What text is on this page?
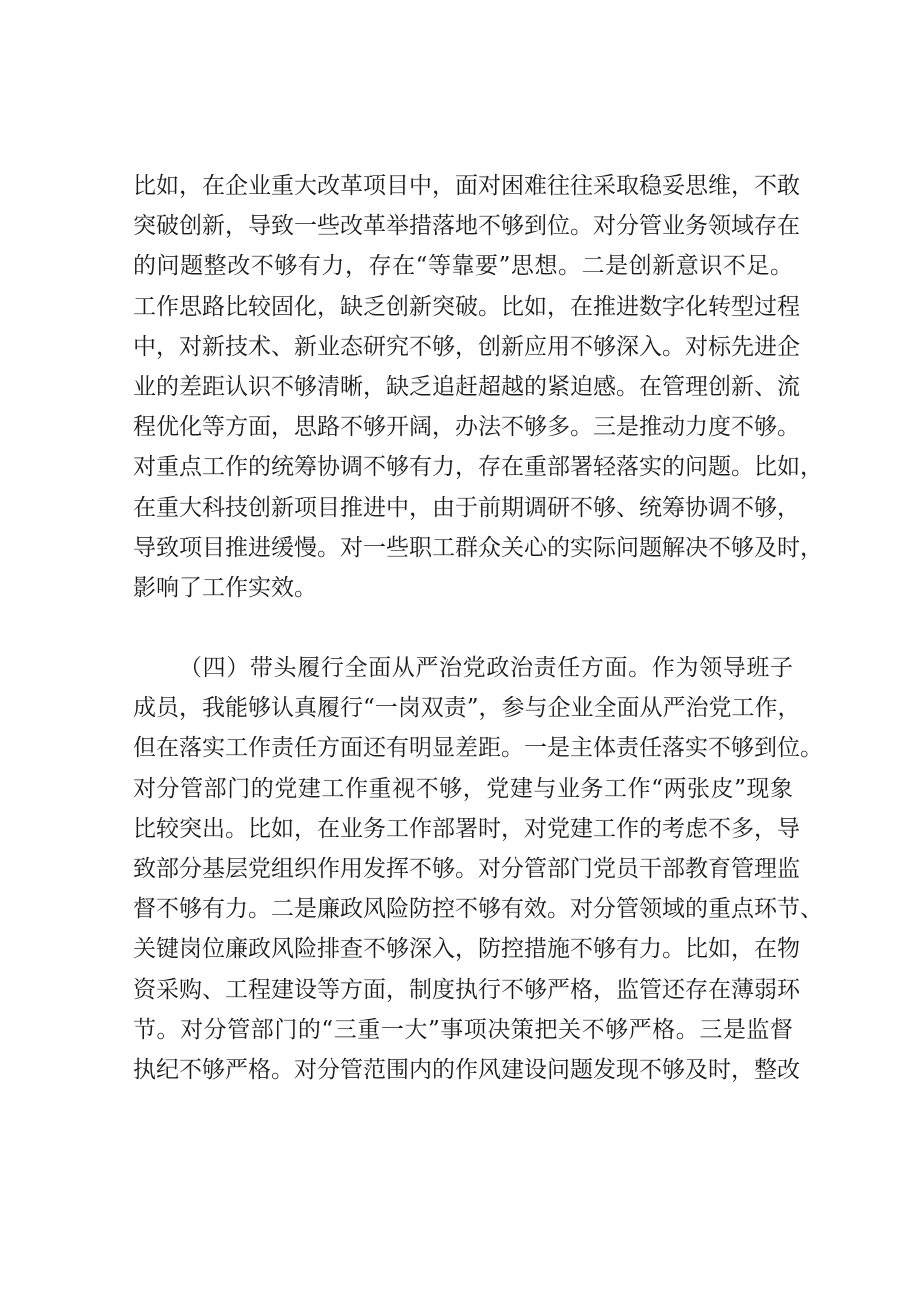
比如，在企业重大改革项目中，面对困难往往采取稳妥思维，不敢
突破创新，导致一些改革举措落地不够到位。对分管业务领域存在
的问题整改不够有力，存在“等靠要”思想。二是创新意识不足。
工作思路比较固化，缺乏创新突破。比如，在推进数字化转型过程
中，对新技术、新业态研究不够，创新应用不够深入。对标先进企
业的差距认识不够清晰，缺乏追赶超越的紧迫感。在管理创新、流
程优化等方面，思路不够开阔，办法不够多。三是推动力度不够。
对重点工作的统筹协调不够有力，存在重部署轻落实的问题。比如，
在重大科技创新项目推进中，由于前期调研不够、统筹协调不够，
导致项目推进缓慢。对一些职工群众关心的实际问题解决不够及时，
影响了工作实效。
（四）带头履行全面从严治党政治责任方面。作为领导班子
成员，我能够认真履行“一岗双责”，参与企业全面从严治党工作，
但在落实工作责任方面还有明显差距。一是主体责任落实不够到位。
对分管部门的党建工作重视不够，党建与业务工作“两张皮”现象
比较突出。比如，在业务工作部署时，对党建工作的考虑不多，导
致部分基层党组织作用发挥不够。对分管部门党员干部教育管理监
督不够有力。二是廉政风险防控不够有效。对分管领域的重点环节、
关键岗位廉政风险排查不够深入，防控措施不够有力。比如，在物
资采购、工程建设等方面，制度执行不够严格，监管还存在薄弱环
节。对分管部门的“三重一大”事项决策把关不够严格。三是监督
执纪不够严格。对分管范围内的作风建设问题发现不够及时，整改
